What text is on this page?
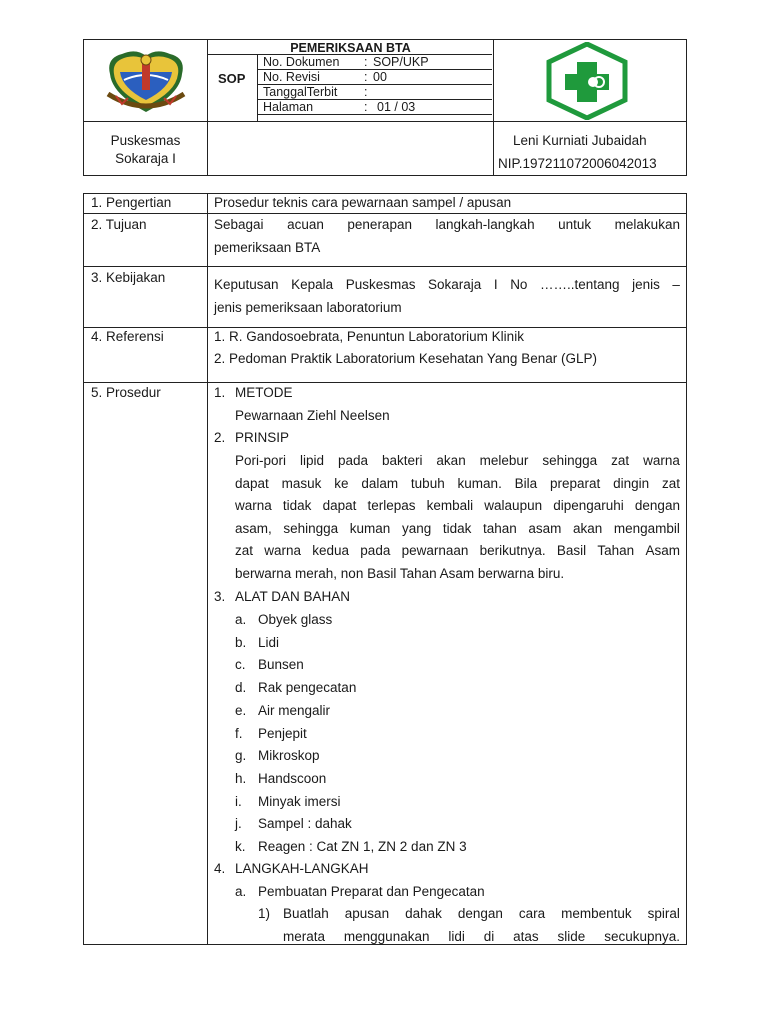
PEMERIKSAAN BTA
SOP
No. Dokumen : SOP/UKP
No. Revisi	: 00
TanggalTerbit :
Halaman	: 01 / 03
Puskesmas
Sokaraja I
Leni Kurniati Jubaidah
NIP.197211072006042013
1. Pengertian	Prosedur teknis cara pewarnaan sampel / apusan
2. Tujuan	Sebagai acuan penerapan langkah-langkah untuk melakukan
pemeriksaan BTA
3. Kebijakan	Keputusan Kepala Puskesmas Sokaraja I No ……..tentang jenis –
jenis pemeriksaan laboratorium
4. Referensi	1. R. Gandosoebrata, Penuntun Laboratorium Klinik
2. Pedoman Praktik Laboratorium Kesehatan Yang Benar (GLP)
5. Prosedur	1. METODE
Pewarnaan Ziehl Neelsen
2. PRINSIP
Pori-pori lipid pada bakteri akan melebur sehingga zat warna
dapat masuk ke dalam tubuh kuman. Bila preparat dingin zat
warna tidak dapat terlepas kembali walaupun dipengaruhi dengan
asam, sehingga kuman yang tidak tahan asam akan mengambil
zat warna kedua pada pewarnaan berikutnya. Basil Tahan Asam
berwarna merah, non Basil Tahan Asam berwarna biru.
3. ALAT DAN BAHAN
a. Obyek glass
b. Lidi
c. Bunsen
d. Rak pengecatan
e. Air mengalir
f. Penjepit
g. Mikroskop
h. Handscoon
i. Minyak imersi
j. Sampel : dahak
k. Reagen : Cat ZN 1, ZN 2 dan ZN 3
4. LANGKAH-LANGKAH
a. Pembuatan Preparat dan Pengecatan
1) Buatlah apusan dahak dengan cara membentuk spiral
merata menggunakan lidi di atas slide secukupnya.
